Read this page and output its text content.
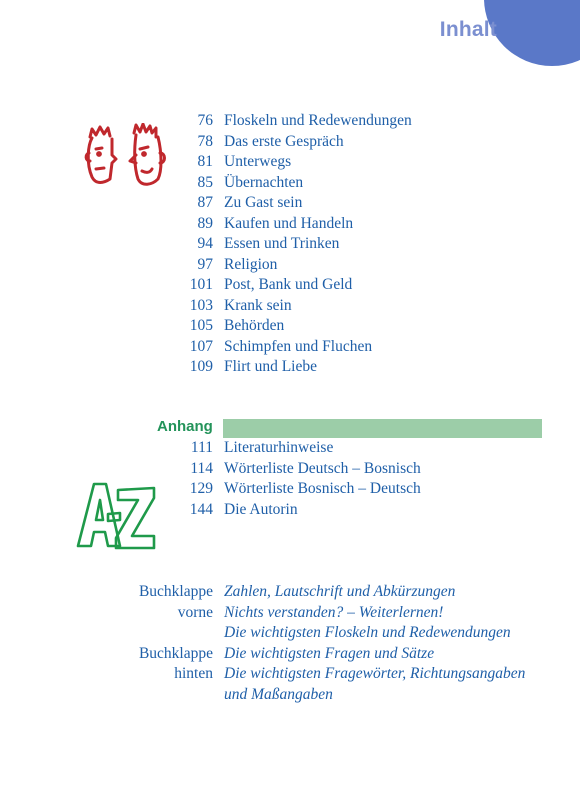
Inhalt
76 Floskeln und Redewendungen
78 Das erste Gespräch
81 Unterwegs
85 Übernachten
87 Zu Gast sein
89 Kaufen und Handeln
94 Essen und Trinken
97 Religion
101 Post, Bank und Geld
103 Krank sein
105 Behörden
107 Schimpfen und Fluchen
109 Flirt und Liebe
Anhang
111 Literaturhinweise
114 Wörterliste Deutsch – Bosnisch
129 Wörterliste Bosnisch – Deutsch
144 Die Autorin
Buchklappe Zahlen, Lautschrift und Abkürzungen
vorne Nichts verstanden? – Weiterlernen!
Die wichtigsten Floskeln und Redewendungen
Buchklappe Die wichtigsten Fragen und Sätze
hinten Die wichtigsten Fragewörter, Richtungsangaben
und Maßangaben
